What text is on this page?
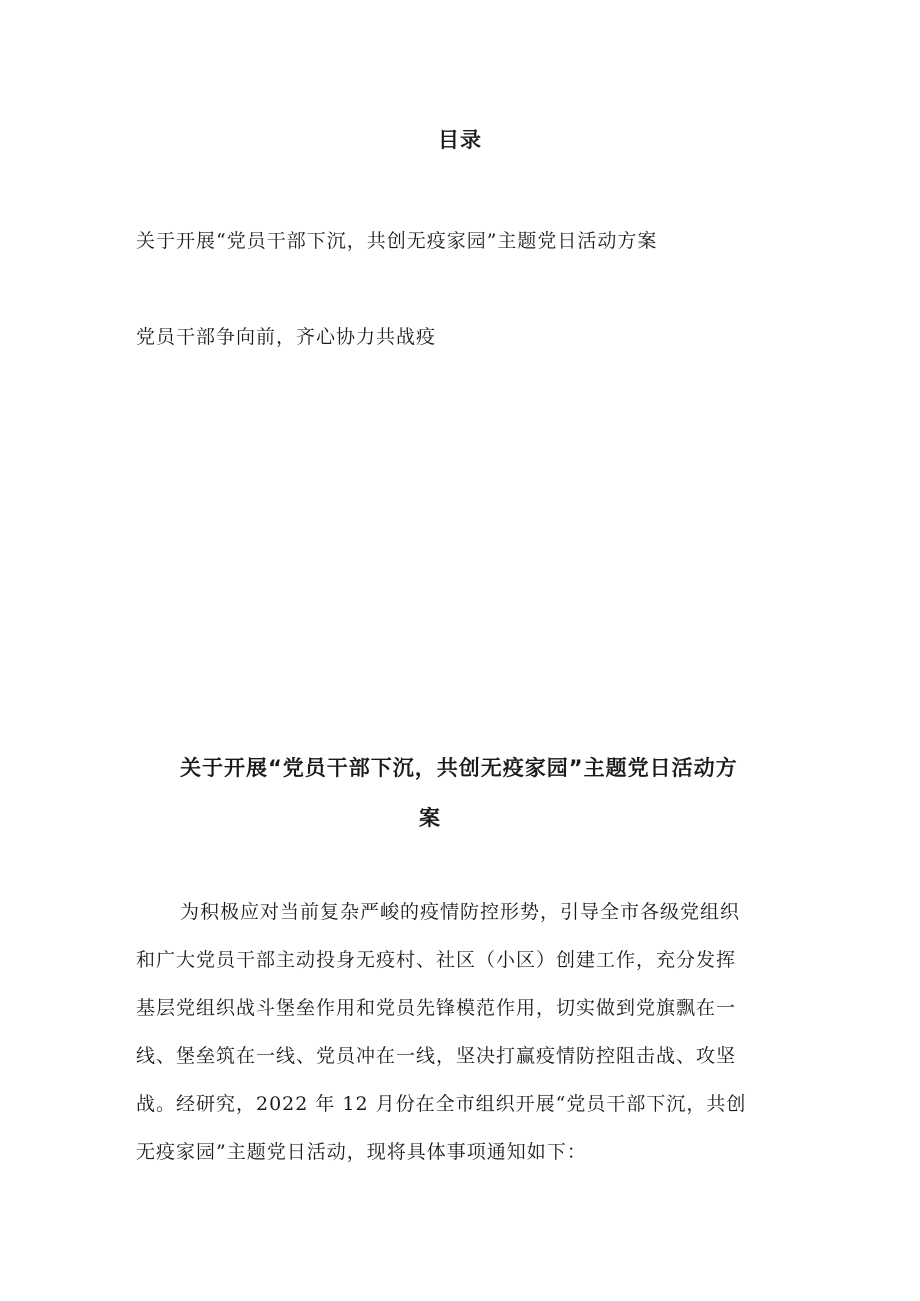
目录
关于开展“党员干部下沉，共创无疫家园”主题党日活动方案
党员干部争向前，齐心协力共战疫
关于开展“党员干部下沉，共创无疫家园”主题党日活动方
案
为积极应对当前复杂严峻的疫情防控形势，引导全市各级党组织
和广大党员干部主动投身无疫村、社区（小区）创建工作，充分发挥
基层党组织战斗堡垒作用和党员先锋模范作用，切实做到党旗飘在一
线、堡垒筑在一线、党员冲在一线，坚决打赢疫情防控阻击战、攻坚
战。经研究，2022 年 12 月份在全市组织开展“党员干部下沉，共创
无疫家园”主题党日活动，现将具体事项通知如下：
